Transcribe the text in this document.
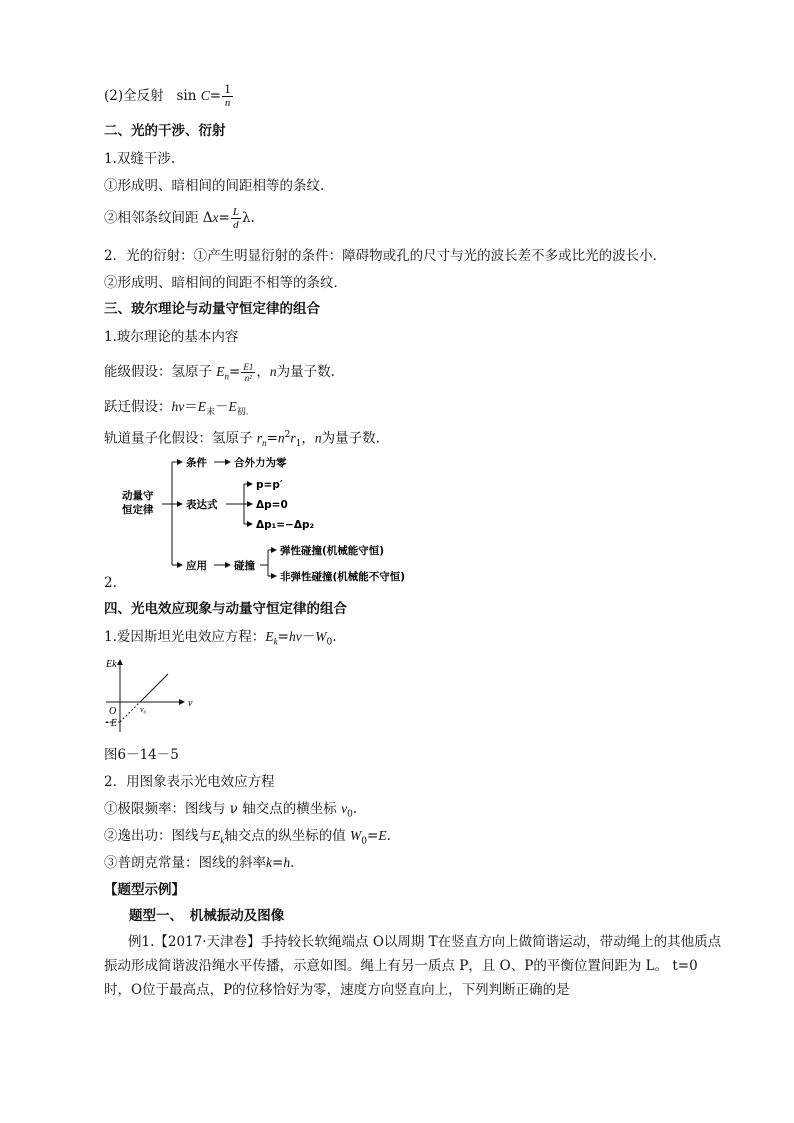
(2)全反射 $\sin C= \frac{1}{n}$
二、光的干涉、衍射
1.双缝干涉.
①形成明、暗相间的间距相等的条纹.
②相邻条纹间距 $\Delta x= \frac{L}{d} \lambda$.
2．光的衍射：①产生明显衍射的条件：障碍物或孔的尺寸与光的波长差不多或比光的波长小．
②形成明、暗相间的间距不相等的条纹．
三、玻尔理论与动量守恒定律的组合
1.玻尔理论的基本内容
能级假设：氢原子 $E_n= \frac{E1}{\text{n²}}$ ，n为量子数.
跃迁假设：$h\nu=E_末-E_{初.}$
轨道量子化假设：氢原子 $r_n=n^2r_1$，n为量子数.
动量守
恒定律
条件	合外力为零
表达式
p=p′
Δp=0
Δp₁=−Δp₂
应用	碰撞
弹性碰撞(机械能守恒)
非弹性碰撞(机械能不守恒)
2.
四、光电效应现象与动量守恒定律的组合
1.爱因斯坦光电效应方程：$E_k=h\nu-W_0$.
Ek
ν
O	ν₀
−E
图6－14－5
2．用图象表示光电效应方程
①极限频率：图线与 ν 轴交点的横坐标 $\nu_0$.
②逸出功：图线与$E_k$轴交点的纵坐标的值 $W_0=E$.
③普朗克常量：图线的斜率k=h.
【题型示例】
题型一、　机械振动及图像
例1.【2017·天津卷】手持较长软绳端点 O以周期 T在竖直方向上做简谐运动，带动绳上的其他质点振动形成简谐波沿绳水平传播，示意如图。绳上有另一质点 P，且 O、P的平衡位置间距为 L。 t=0时，O位于最高点，P的位移恰好为零，速度方向竖直向上，下列判断正确的是
